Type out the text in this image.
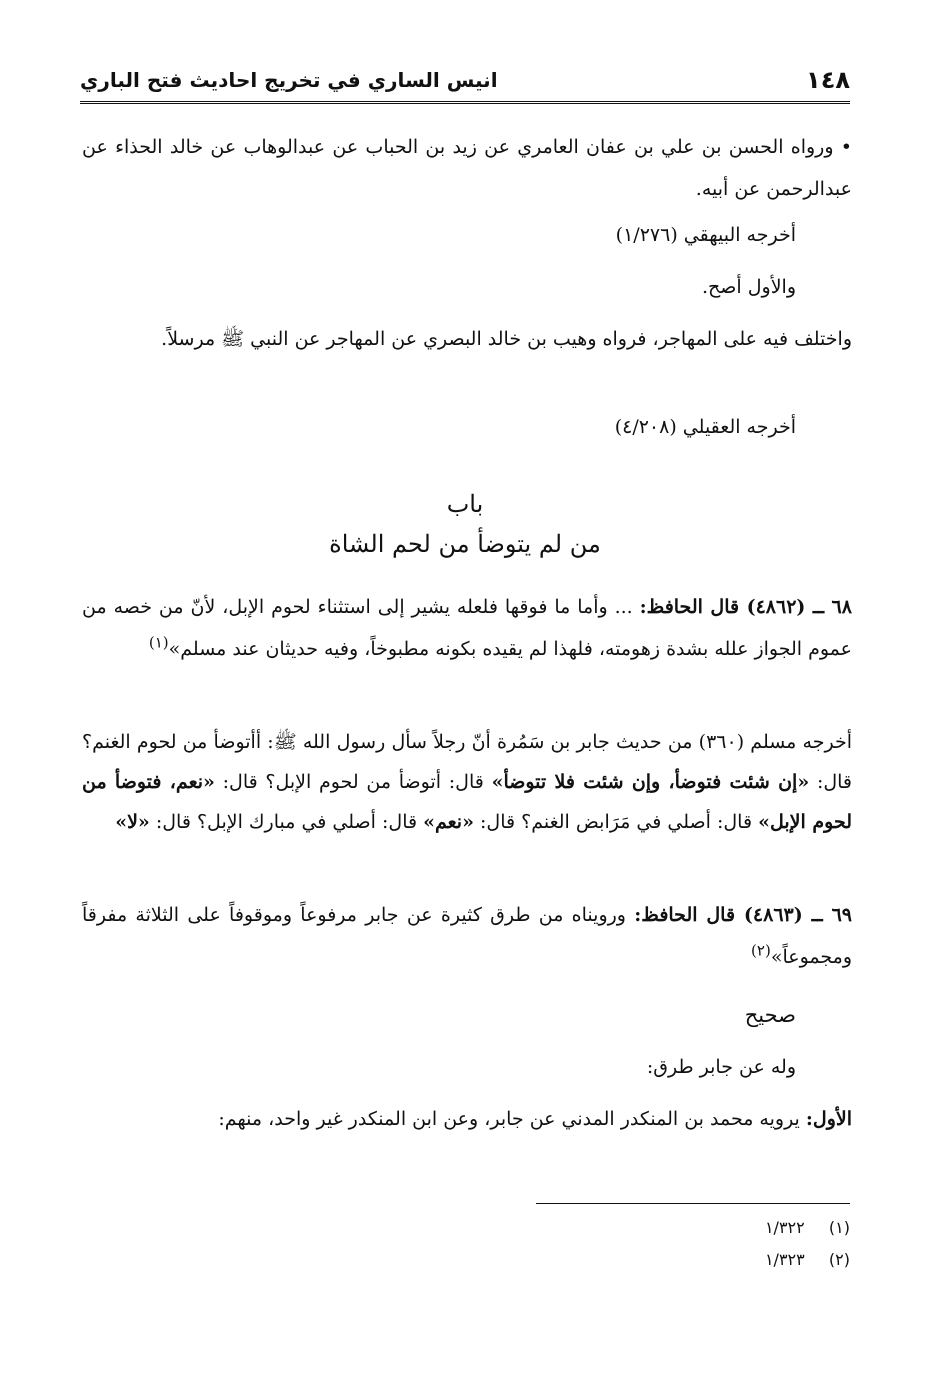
١٤٨
انيس الساري في تخريج احاديث فتح الباري
• ورواه الحسن بن علي بن عفان العامري عن زيد بن الحباب عن عبدالوهاب عن خالد الحذاء عن عبدالرحمن عن أبيه.
أخرجه البيهقي (١/٢٧٦)
والأول أصح.
واختلف فيه على المهاجر، فرواه وهيب بن خالد البصري عن المهاجر عن النبي ﷺ مرسلاً.
أخرجه العقيلي (٤/٢٠٨)
باب
من لم يتوضأ من لحم الشاة
٦٨ ــ (٤٨٦٢) قال الحافظ: ... وأما ما فوقها فلعله يشير إلى استثناء لحوم الإبل، لأنّ من خصه من عموم الجواز علله بشدة زهومته، فلهذا لم يقيده بكونه مطبوخاً، وفيه حديثان عند مسلم»$^{(١)}$
أخرجه مسلم (٣٦٠) من حديث جابر بن سَمُرة أنّ رجلاً سأل رسول الله ﷺ: أأتوضأ من لحوم الغنم؟ قال: «إن شئت فتوضأ، وإن شئت فلا تتوضأ» قال: أتوضأ من لحوم الإبل؟ قال: «نعم، فتوضأ من لحوم الإبل» قال: أصلي في مَرَابض الغنم؟ قال: «نعم» قال: أصلي في مبارك الإبل؟ قال: «لا»
٦٩ ــ (٤٨٦٣) قال الحافظ: ورويناه من طرق كثيرة عن جابر مرفوعاً وموقوفاً على الثلاثة مفرقاً ومجموعاً»$^{(٢)}$
صحيح
وله عن جابر طرق:
الأول: يرويه محمد بن المنكدر المدني عن جابر، وعن ابن المنكدر غير واحد، منهم:
(١)  ١/٣٢٢
(٢)  ١/٣٢٣
